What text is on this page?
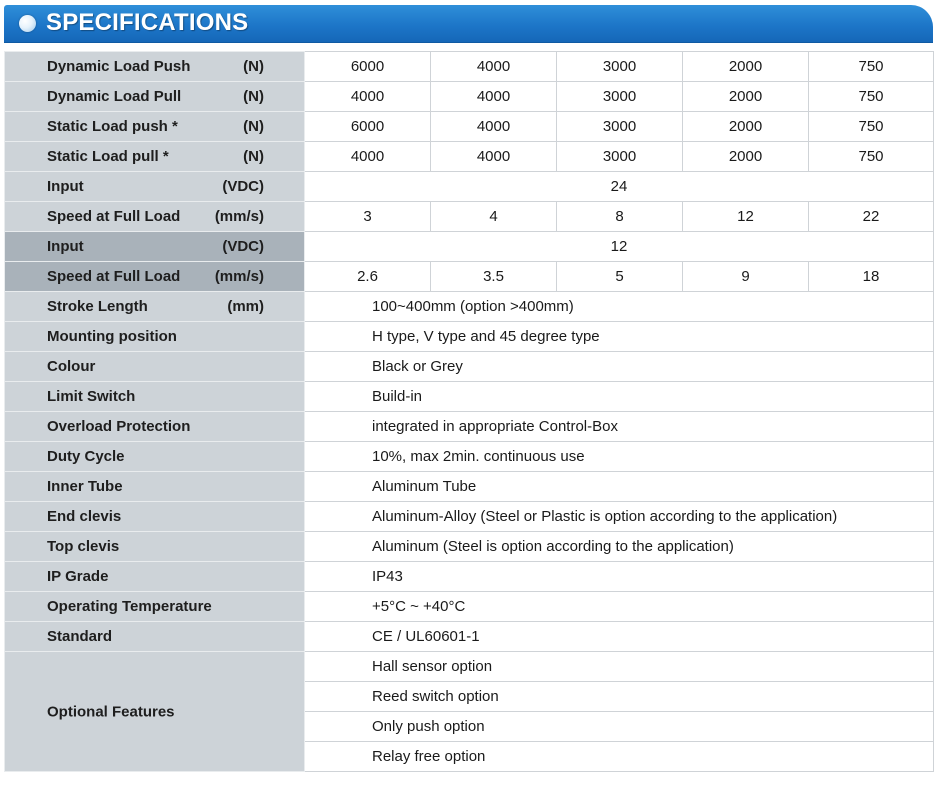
SPECIFICATIONS
Dynamic Load Push (N)	6000	4000	3000	2000	750

Dynamic Load Pull (N)	4000	4000	3000	2000	750

Static Load push * (N)	6000	4000	3000	2000	750

Static Load pull * (N)	4000	4000	3000	2000	750

Input (VDC)	24				

Speed at Full Load (mm/s)	3	4	8	12	22

Input (VDC)	12				

Speed at Full Load (mm/s)	2.6	3.5	5	9	18

Stroke Length (mm)	100~400mm (option >400mm)				

Mounting position	H type, V type and 45 degree type				

Colour	Black or Grey				

Limit Switch	Build-in				

Overload Protection	integrated in appropriate Control-Box				

Duty Cycle	10%, max 2min. continuous use				

Inner Tube	Aluminum Tube				

End clevis	Aluminum-Alloy (Steel or Plastic is option according to the application)				

Top clevis	Aluminum (Steel is option according to the application)				

IP Grade	IP43				

Operating Temperature	+5°C ~ +40°C				

Standard	CE / UL60601-1				

Optional Features	Hall sensor option				
	Reed switch option				
	Only push option				
	Relay free option				
